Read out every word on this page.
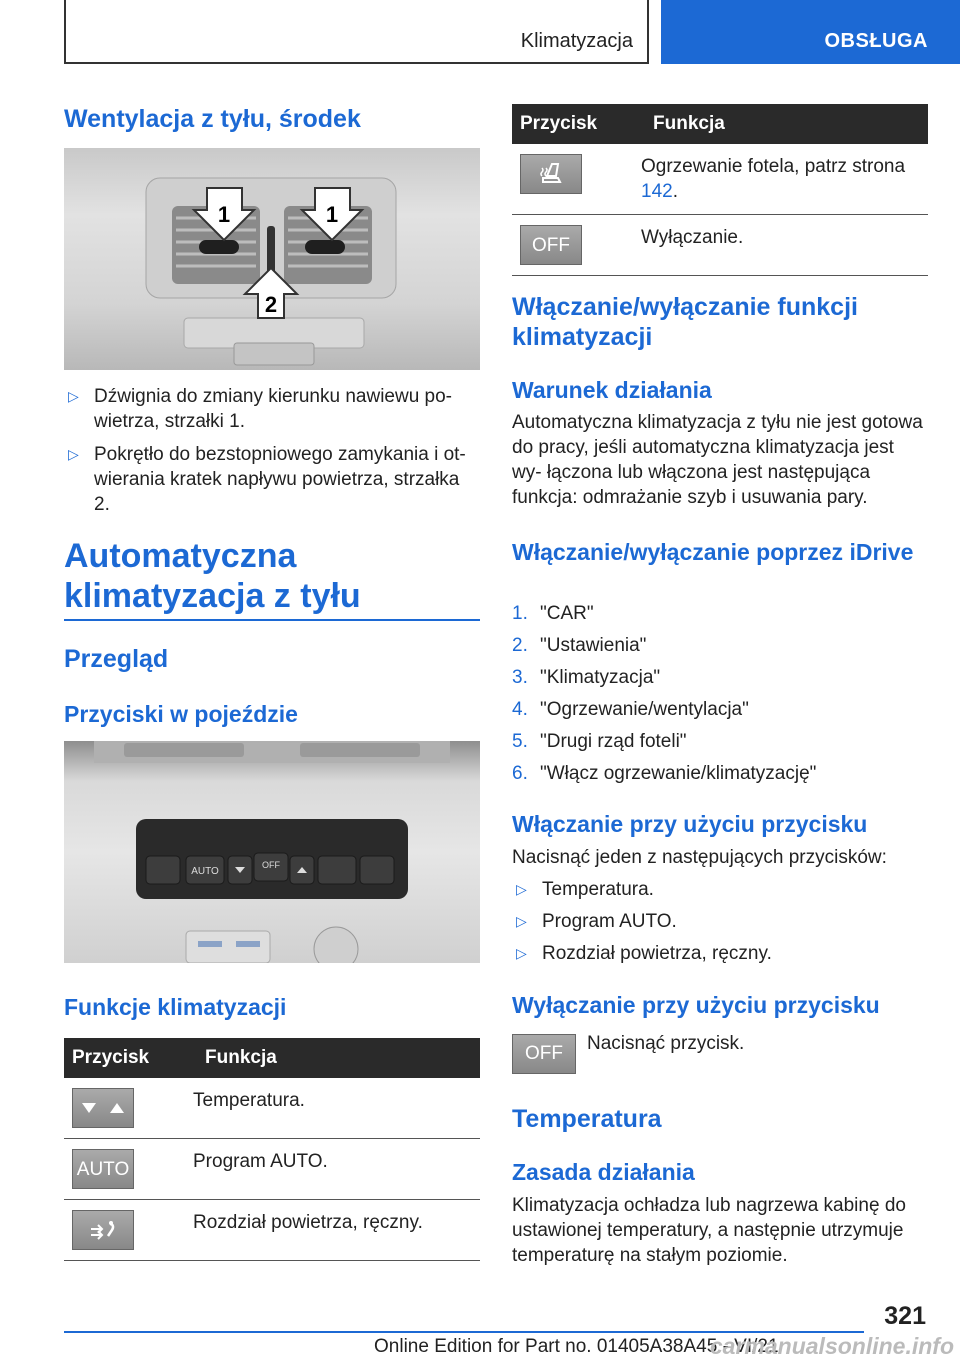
Klimatyzacja	OBSŁUGA
Wentylacja z tyłu, środek
1	1
2
▷ Dźwignia do zmiany kierunku nawiewu po- wietrza, strzałki 1.
▷ Pokrętło do bezstopniowego zamykania i ot- wierania kratek napływu powietrza, strzałka 2.
Automatyczna klimatyzacja z tyłu
Przegląd
Przyciski w pojeździe
AUTO
OFF
Funkcje klimatyzacji
Przycisk	Funkcja

	Temperatura.

AUTO	Program AUTO.

	Rozdział powietrza, ręczny.
Przycisk	Funkcja

	Ogrzewanie fotela, patrz strona 142.

OFF	Wyłączanie.
Włączanie/wyłączanie funkcji klimatyzacji
Warunek działania

Automatyczna klimatyzacja z tyłu nie jest gotowa do pracy, jeśli automatyczna klimatyzacja jest wy- łączona lub włączona jest następująca funkcja: odmrażanie szyb i usuwania pary.

Włączanie/wyłączanie poprzez iDrive
1. "CAR"
2. "Ustawienia"
3. "Klimatyzacja"
4. "Ogrzewanie/wentylacja"
5. "Drugi rząd foteli"
6. "Włącz ogrzewanie/klimatyzację"
Włączanie przy użyciu przycisku

Nacisnąć jeden z następujących przycisków:

▷ Temperatura.
▷ Program AUTO.
▷ Rozdział powietrza, ręczny.
Wyłączanie przy użyciu przycisku
OFF	Nacisnąć przycisk.

Temperatura
Zasada działania

Klimatyzacja ochładza lub nagrzewa kabinę do ustawionej temperatury, a następnie utrzymuje temperaturę na stałym poziomie.

321
Online Edition for Part no. 01405A38A45 - VI/21
carmanualsonline.info
